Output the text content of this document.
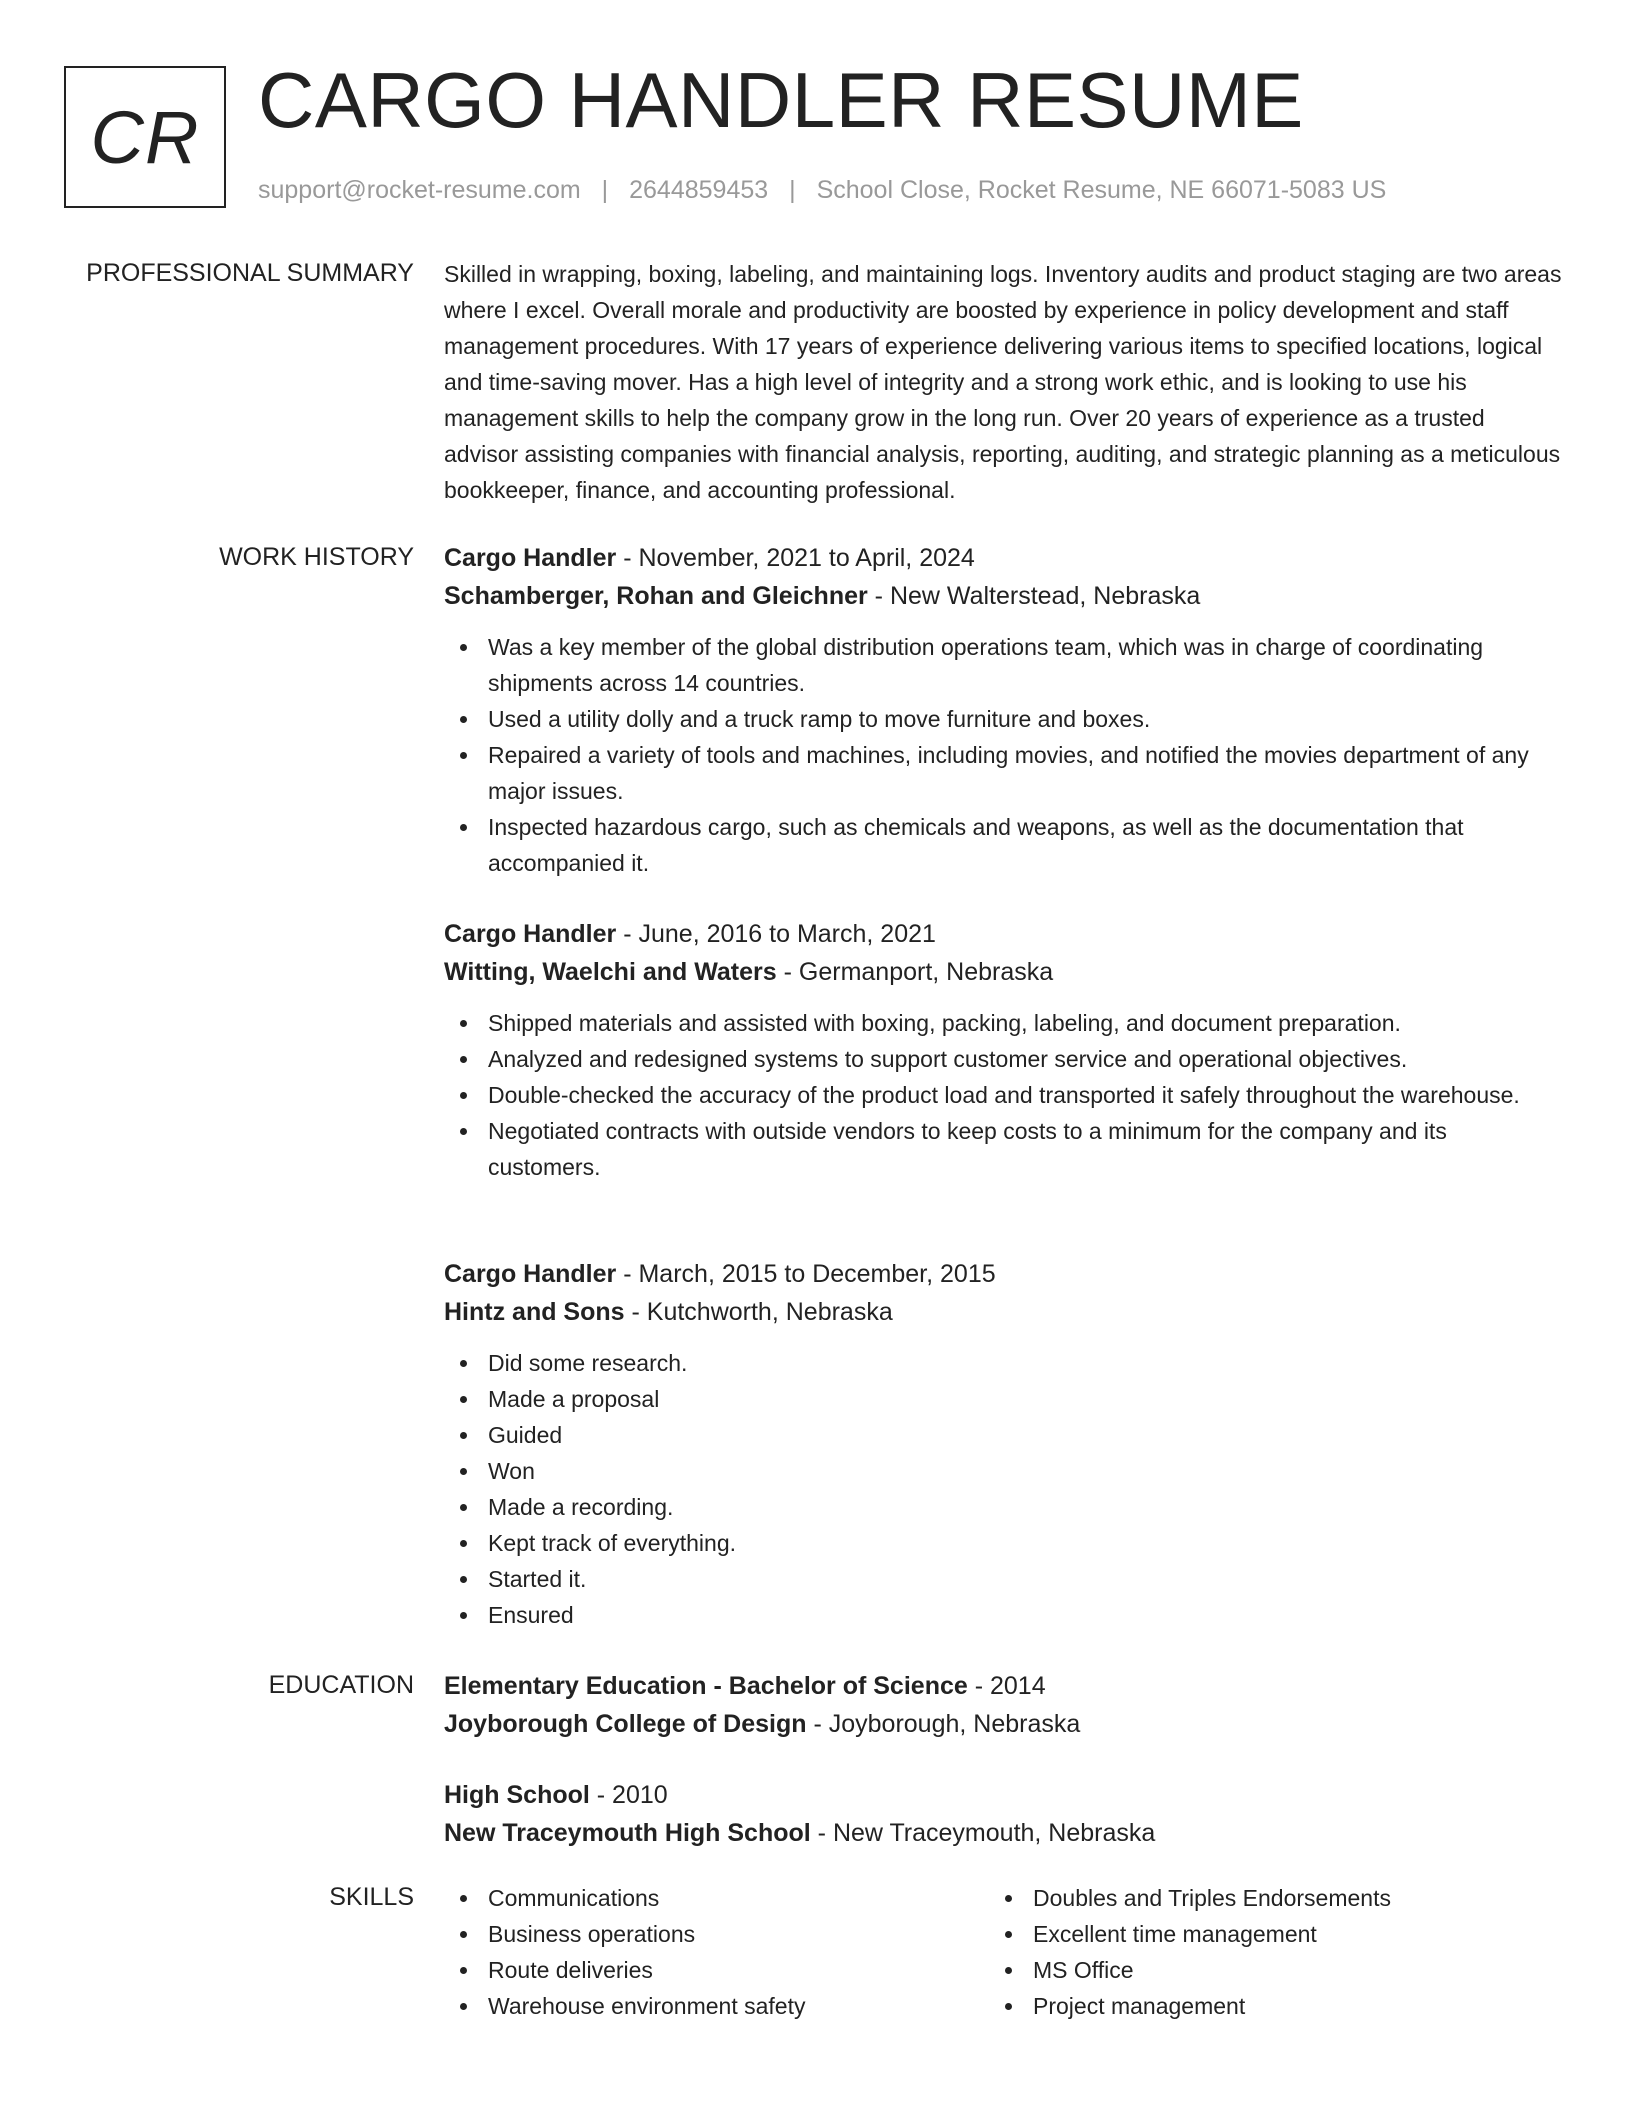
CR CARGO HANDLER RESUME
support@rocket-resume.com | 2644859453 | School Close, Rocket Resume, NE 66071-5083 US
PROFESSIONAL SUMMARY Skilled in wrapping, boxing, labeling, and maintaining logs. Inventory audits and product staging are two areas where I excel. Overall morale and productivity are boosted by experience in policy development and staff management procedures. With 17 years of experience delivering various items to specified locations, logical and time-saving mover. Has a high level of integrity and a strong work ethic, and is looking to use his management skills to help the company grow in the long run. Over 20 years of experience as a trusted advisor assisting companies with financial analysis, reporting, auditing, and strategic planning as a meticulous bookkeeper, finance, and accounting professional.
WORK HISTORY Cargo Handler - November, 2021 to April, 2024
Schamberger, Rohan and Gleichner - New Walterstead, Nebraska
Was a key member of the global distribution operations team, which was in charge of coordinating shipments across 14 countries.
Used a utility dolly and a truck ramp to move furniture and boxes.
Repaired a variety of tools and machines, including movies, and notified the movies department of any major issues.
Inspected hazardous cargo, such as chemicals and weapons, as well as the documentation that accompanied it.
Cargo Handler - June, 2016 to March, 2021
Witting, Waelchi and Waters - Germanport, Nebraska
Shipped materials and assisted with boxing, packing, labeling, and document preparation.
Analyzed and redesigned systems to support customer service and operational objectives.
Double-checked the accuracy of the product load and transported it safely throughout the warehouse.
Negotiated contracts with outside vendors to keep costs to a minimum for the company and its customers.
Cargo Handler - March, 2015 to December, 2015
Hintz and Sons - Kutchworth, Nebraska
Did some research.
Made a proposal
Guided
Won
Made a recording.
Kept track of everything.
Started it.
Ensured
EDUCATION Elementary Education - Bachelor of Science - 2014
Joyborough College of Design - Joyborough, Nebraska
High School - 2010
New Traceymouth High School - New Traceymouth, Nebraska
SKILLS	Communications
Business operations
Route deliveries
Warehouse environment safety
Doubles and Triples Endorsements
Excellent time management
MS Office
Project management
